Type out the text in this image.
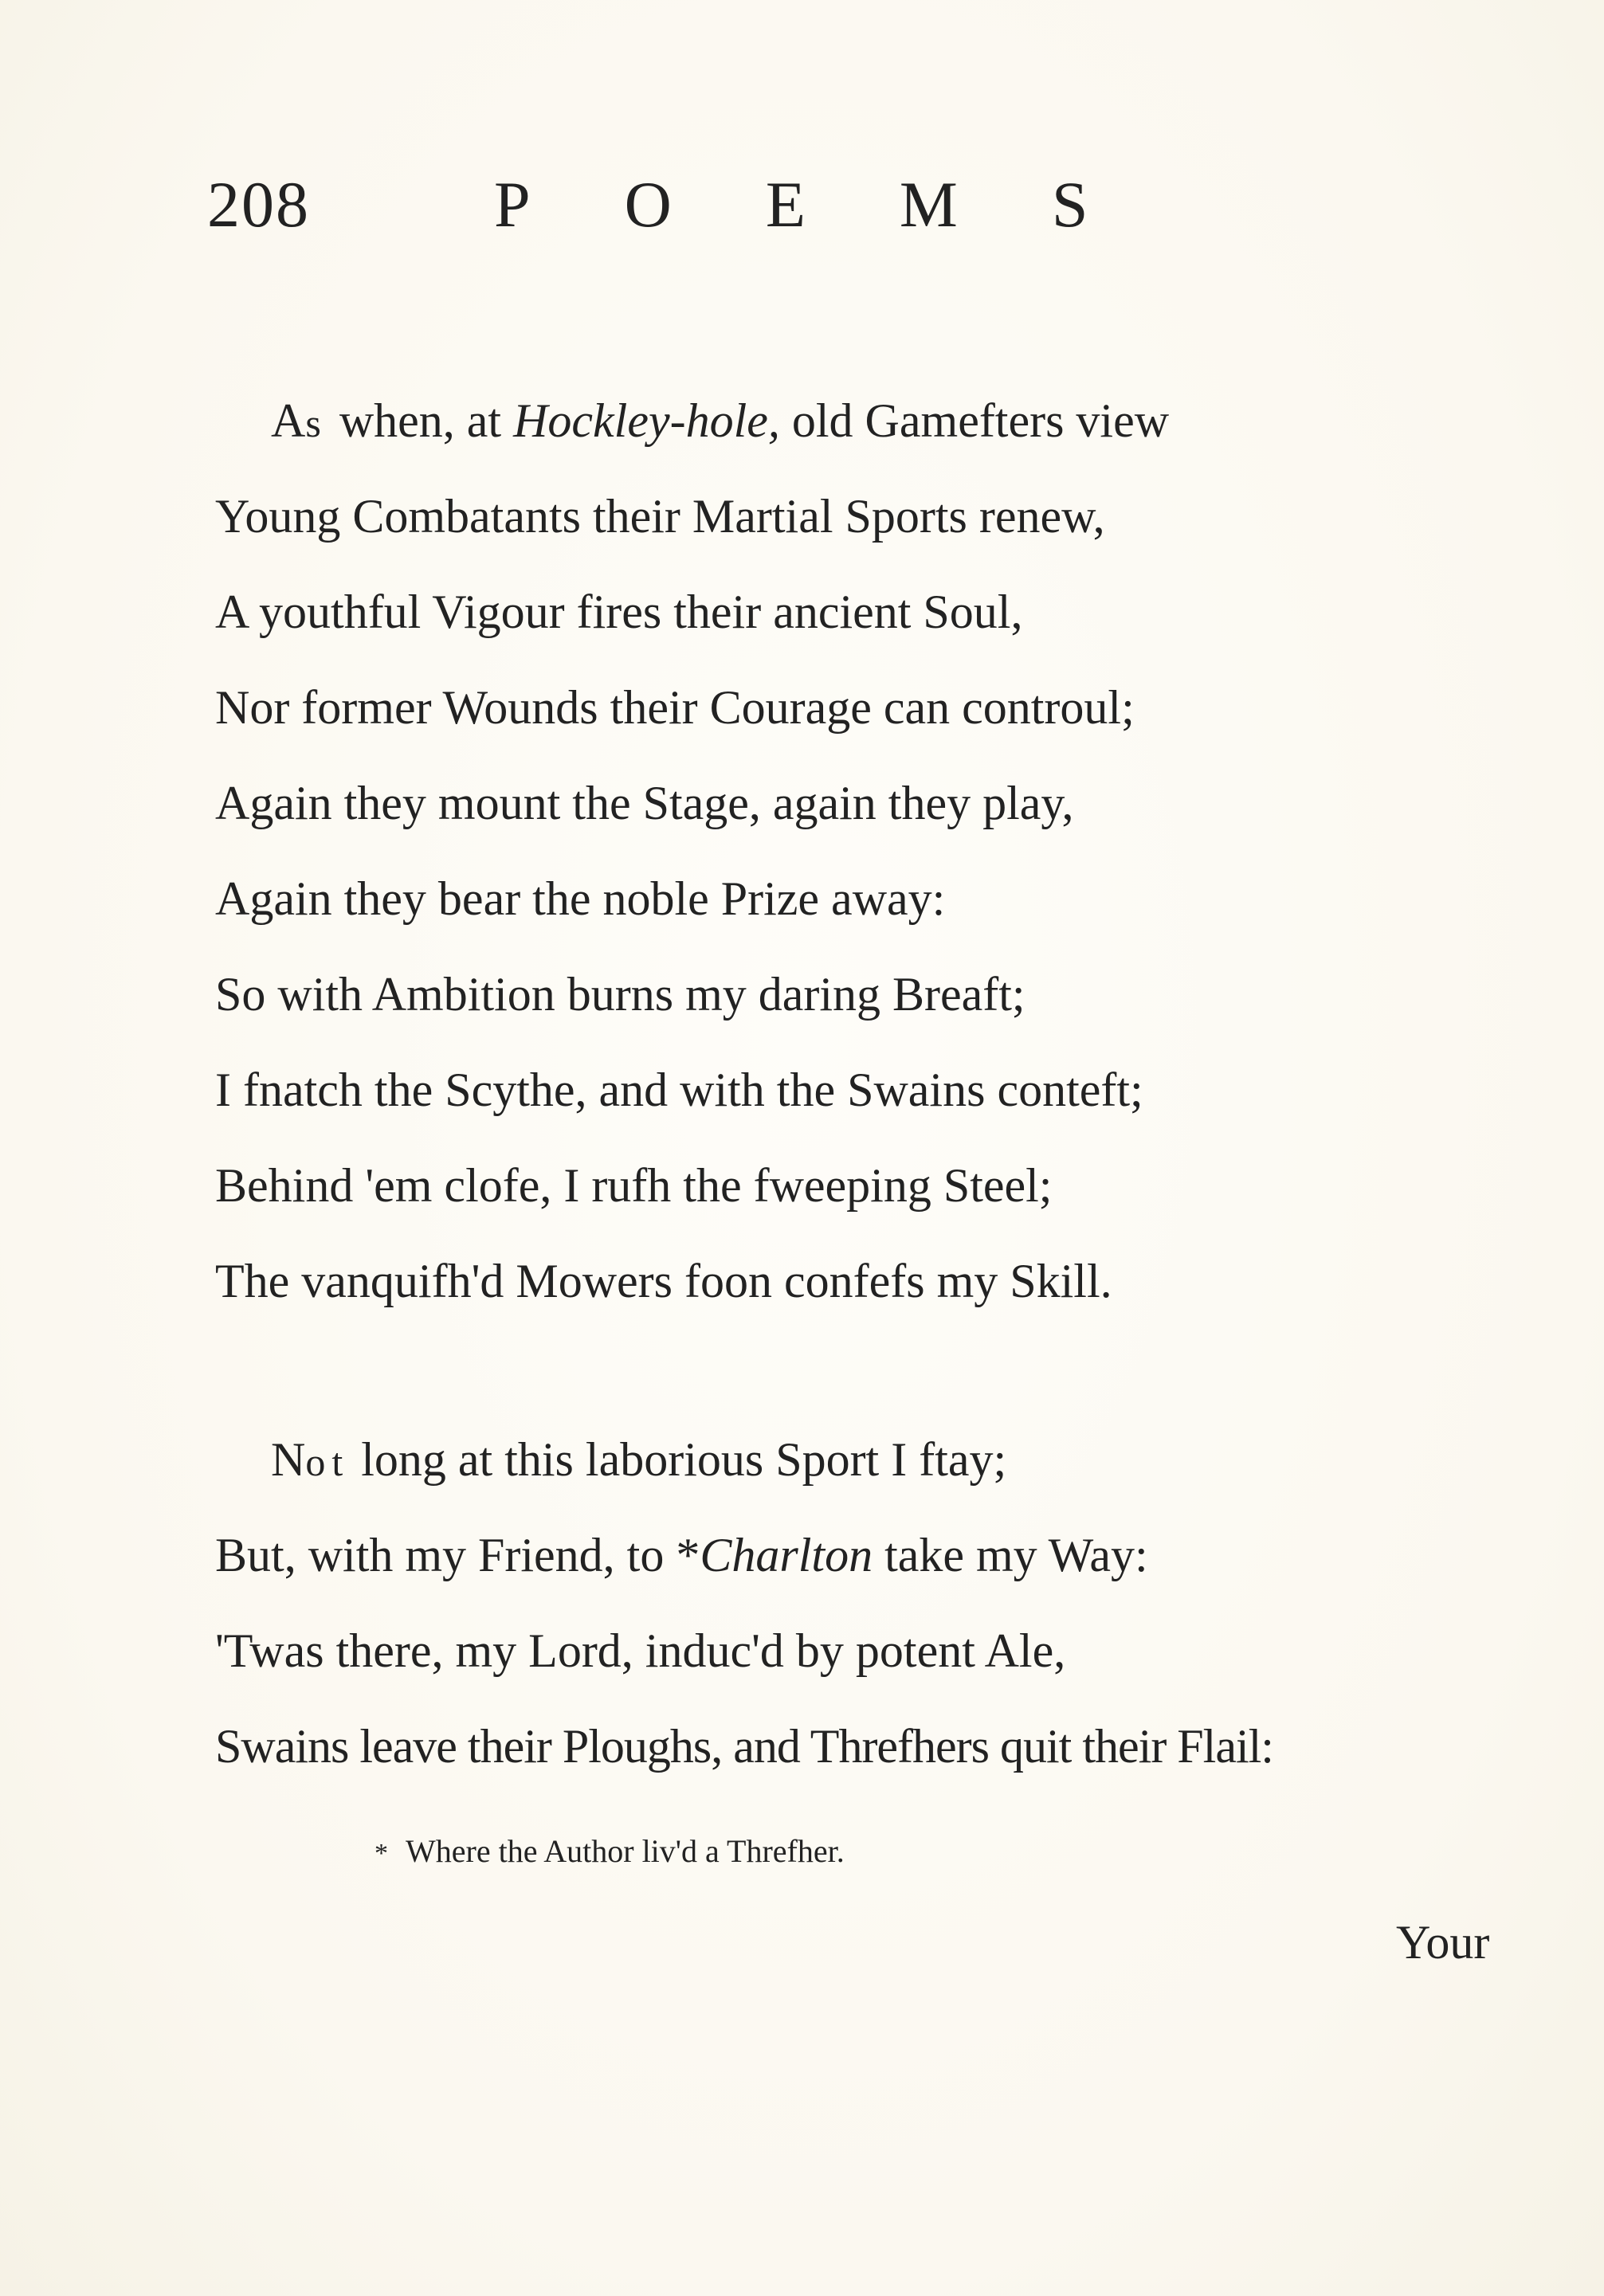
208	POEMS
As when, at Hockley-hole, old Gamefters view
Young Combatants their Martial Sports renew,
A youthful Vigour fires their ancient Soul,
Nor former Wounds their Courage can controul;
Again they mount the Stage, again they play,
Again they bear the noble Prize away:
So with Ambition burns my daring Breaft;
I fnatch the Scythe, and with the Swains conteft;
Behind 'em clofe, I rufh the fweeping Steel;
The vanquifh'd Mowers foon confefs my Skill.
Not long at this laborious Sport I ftay;
But, with my Friend, to *Charlton take my Way:
'Twas there, my Lord, induc'd by potent Ale,
Swains leave their Ploughs, and Threfhers quit their Flail:
* Where the Author liv'd a Threfher.
Your
